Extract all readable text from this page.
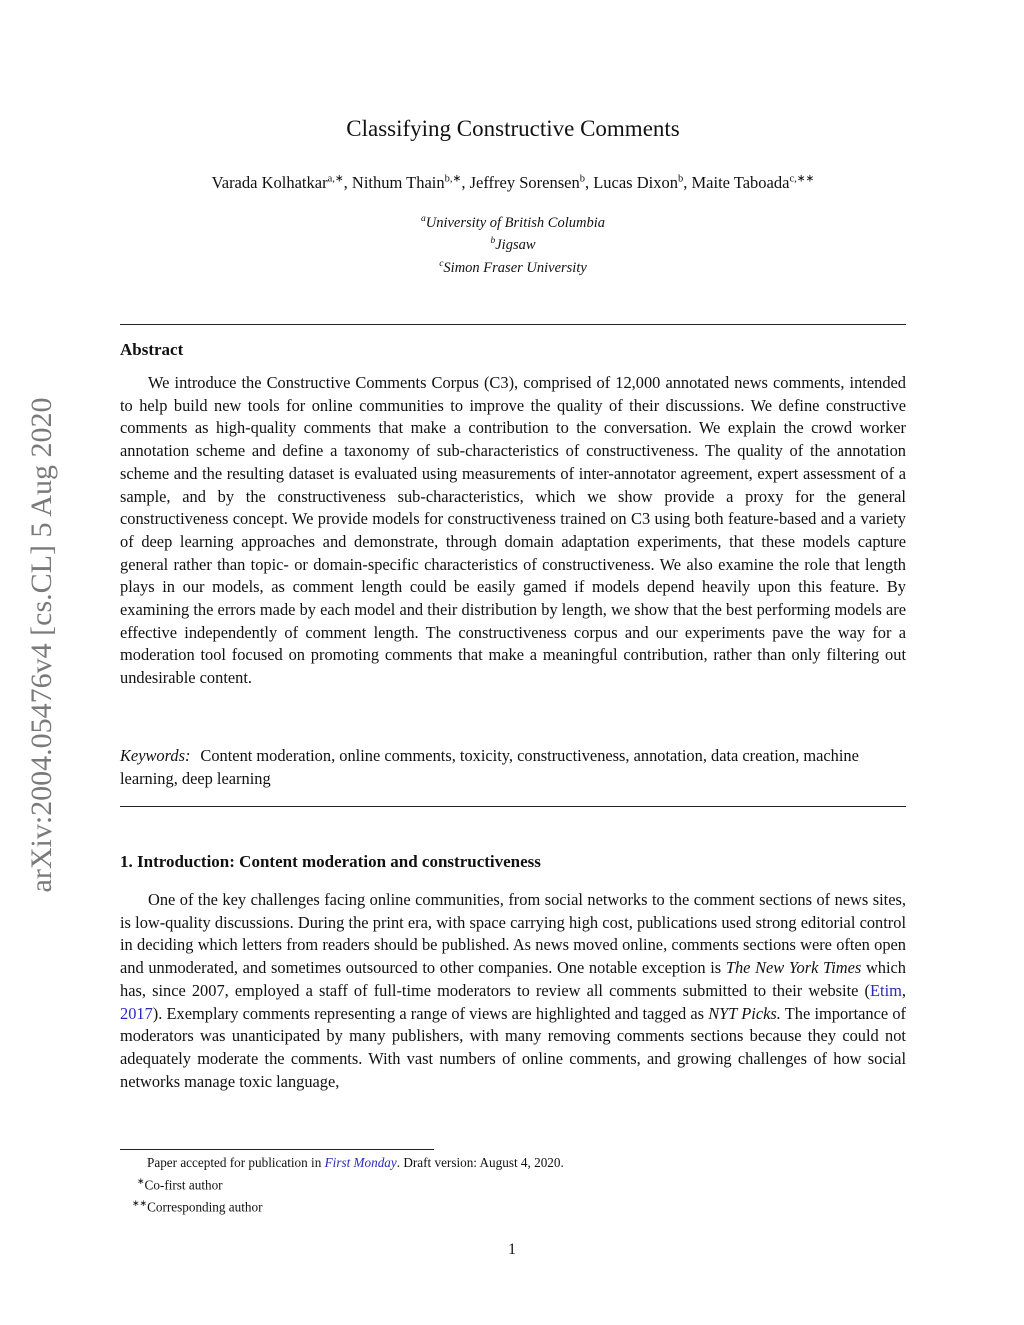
arXiv:2004.05476v4 [cs.CL] 5 Aug 2020
Classifying Constructive Comments
Varada Kolhatkar$^{a,∗}$, Nithum Thain$^{b,∗}$, Jeffrey Sorensen$^b$, Lucas Dixon$^b$, Maite Taboada$^{c,∗∗}$
$^a$University of British Columbia
$^b$Jigsaw
$^c$Simon Fraser University
Abstract
We introduce the Constructive Comments Corpus (C3), comprised of 12,000 annotated news comments, intended to help build new tools for online communities to improve the quality of their discussions. We define constructive comments as high-quality comments that make a contribution to the conversation. We explain the crowd worker annotation scheme and define a taxonomy of sub-characteristics of constructiveness. The quality of the annotation scheme and the resulting dataset is evaluated using measurements of inter-annotator agreement, expert assessment of a sample, and by the constructiveness sub-characteristics, which we show provide a proxy for the general constructiveness concept. We provide models for constructiveness trained on C3 using both feature-based and a variety of deep learning approaches and demonstrate, through domain adaptation experiments, that these models capture general rather than topic- or domain-specific characteristics of constructiveness. We also examine the role that length plays in our models, as comment length could be easily gamed if models depend heavily upon this feature. By examining the errors made by each model and their distribution by length, we show that the best performing models are effective independently of comment length. The constructiveness corpus and our experiments pave the way for a moderation tool focused on promoting comments that make a meaningful contribution, rather than only filtering out undesirable content.
Keywords: Content moderation, online comments, toxicity, constructiveness, annotation, data creation, machine learning, deep learning
1. Introduction: Content moderation and constructiveness
One of the key challenges facing online communities, from social networks to the comment sections of news sites, is low-quality discussions. During the print era, with space carrying high cost, publications used strong editorial control in deciding which letters from readers should be published. As news moved online, comments sections were often open and unmoderated, and sometimes outsourced to other companies. One notable exception is The New York Times which has, since 2007, employed a staff of full-time moderators to review all comments submitted to their website (Etim, 2017). Exemplary comments representing a range of views are highlighted and tagged as NYT Picks. The importance of moderators was unanticipated by many publishers, with many removing comments sections because they could not adequately moderate the comments. With vast numbers of online comments, and growing challenges of how social networks manage toxic language,
Paper accepted for publication in First Monday. Draft version: August 4, 2020.
∗Co-first author
∗∗Corresponding author
1
